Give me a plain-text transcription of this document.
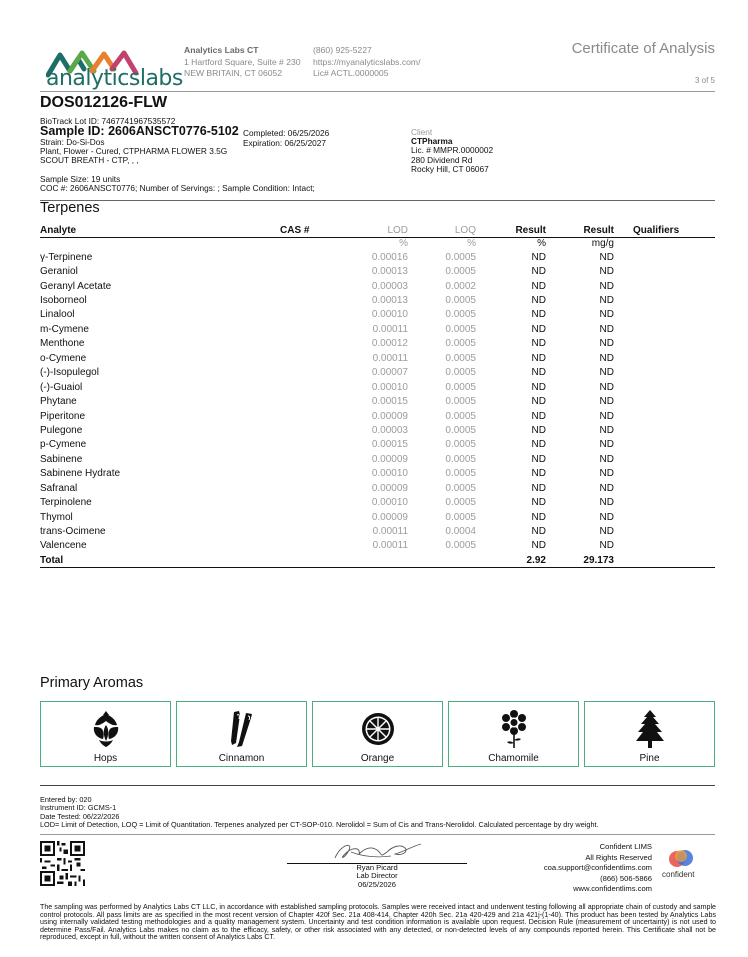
analyticslabs
Analytics Labs CT
1 Hartford Square, Suite # 230
NEW BRITAIN, CT 06052
(860) 925-5227
https://myanalyticslabs.com/
Lic# ACTL.0000005
Certificate of Analysis
3 of 5
DOS012126-FLW
BioTrack Lot ID: 7467741967535572
Sample ID: 2606ANSCT0776-5102
Strain: Do-Si-Dos
Plant, Flower - Cured, CTPHARMA FLOWER 3.5G
SCOUT BREATH - CTP, , ,
Completed: 06/25/2026
Expiration: 06/25/2027
Client
CTPharma
Lic. # MMPR.0000002
280 Dividend Rd
Rocky Hill, CT 06067
Sample Size: 19 units
COC #: 2606ANSCT0776; Number of Servings: ; Sample Condition: Intact;
Terpenes
Analyte	CAS #	LOD	LOQ	Result	Result	Qualifiers
		%	%	%	mg/g	
γ-Terpinene		0.00016	0.0005	ND	ND	
Geraniol		0.00013	0.0005	ND	ND	
Geranyl Acetate		0.00003	0.0002	ND	ND	
Isoborneol		0.00013	0.0005	ND	ND	
Linalool		0.00010	0.0005	ND	ND	
m-Cymene		0.00011	0.0005	ND	ND	
Menthone		0.00012	0.0005	ND	ND	
o-Cymene		0.00011	0.0005	ND	ND	
(-)-Isopulegol		0.00007	0.0005	ND	ND	
(-)-Guaiol		0.00010	0.0005	ND	ND	
Phytane		0.00015	0.0005	ND	ND	
Piperitone		0.00009	0.0005	ND	ND	
Pulegone		0.00003	0.0005	ND	ND	
p-Cymene		0.00015	0.0005	ND	ND	
Sabinene		0.00009	0.0005	ND	ND	
Sabinene Hydrate		0.00010	0.0005	ND	ND	
Safranal		0.00009	0.0005	ND	ND	
Terpinolene		0.00010	0.0005	ND	ND	
Thymol		0.00009	0.0005	ND	ND	
trans-Ocimene		0.00011	0.0004	ND	ND	
Valencene		0.00011	0.0005	ND	ND	
Total				2.92	29.173	
Primary Aromas
Hops	Cinnamon	Orange	Chamomile	Pine
Entered by: 020
Instrument ID: GCMS-1
Date Tested: 06/22/2026
LOD= Limit of Detection, LOQ = Limit of Quantitation. Terpenes analyzed per CT-SOP-010. Nerolidol = Sum of Cis and Trans-Nerolidol. Calculated percentage by dry weight.
Ryan Picard
Lab Director
06/25/2026
Confident LIMS
All Rights Reserved
coa.support@confidentlims.com
(866) 506-5866
www.confidentlims.com
confident
The sampling was performed by Analytics Labs CT LLC, in accordance with established sampling protocols. Samples were received intact and underwent testing following all appropriate chain of custody and sample control protocols. All pass limits are as specified in the most recent version of Chapter 420f Sec. 21a 408-414, Chapter 420h Sec. 21a 420-429 and 21a 421j-(1-40). This product has been tested by Analytics Labs using internally validated testing methodologies and a quality management system. Uncertainty and test condition information is available upon request. Decision Rule (measurement of uncertainty) is not used to determine Pass/Fail. Analytics Labs makes no claim as to the efficacy, safety, or other risk associated with any detected, or non-detected levels of any compounds reported herein. This Certificate shall not be reproduced, except in full, without the written consent of Analytics Labs CT.
